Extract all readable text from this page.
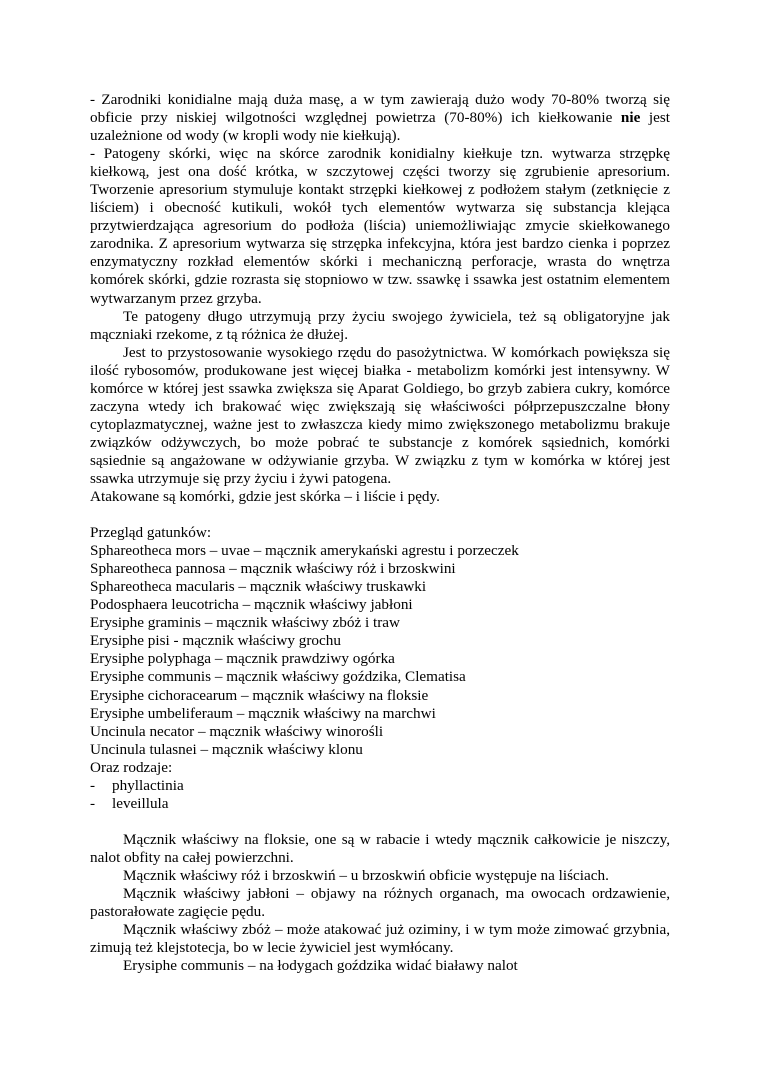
- Zarodniki konidialne mają duża masę, a w tym zawierają dużo wody 70-80% tworzą się obficie przy niskiej wilgotności względnej powietrza (70-80%) ich kiełkowanie nie jest uzależnione od wody (w kropli wody nie kiełkują).

- Patogeny skórki, więc na skórce zarodnik konidialny kiełkuje tzn. wytwarza strzępkę kiełkową, jest ona dość krótka, w szczytowej części tworzy się zgrubienie apresorium. Tworzenie apresorium stymuluje kontakt strzępki kiełkowej z podłożem stałym (zetknięcie z liściem) i obecność kutikuli, wokół tych elementów wytwarza się substancja klejąca przytwierdzająca agresorium do podłoża (liścia) uniemożliwiając zmycie skiełkowanego zarodnika. Z apresorium wytwarza się strzępka infekcyjna, która jest bardzo cienka i poprzez enzymatyczny rozkład elementów skórki i mechaniczną perforacje, wrasta do wnętrza komórek skórki, gdzie rozrasta się stopniowo w tzw. ssawkę i ssawka jest ostatnim elementem wytwarzanym przez grzyba.

Te patogeny długo utrzymują przy życiu swojego żywiciela, też są obligatoryjne jak mączniaki rzekome, z tą różnica że dłużej.

Jest to przystosowanie wysokiego rzędu do pasożytnictwa. W komórkach powiększa się ilość rybosomów, produkowane jest więcej białka - metabolizm komórki jest intensywny. W komórce w której jest ssawka zwiększa się Aparat Goldiego, bo grzyb zabiera cukry, komórce zaczyna wtedy ich brakować więc zwiększają się właściwości półprzepuszczalne błony cytoplazmatycznej, ważne jest to zwłaszcza kiedy mimo zwiększonego metabolizmu brakuje związków odżywczych, bo może pobrać te substancje z komórek sąsiednich, komórki sąsiednie są angażowane w odżywianie grzyba. W związku z tym w komórka w której jest ssawka utrzymuje się przy życiu i żywi patogena.

Atakowane są komórki, gdzie jest skórka – i liście i pędy.

Przegląd gatunków:

Sphareotheca mors – uvae – mącznik amerykański agrestu i porzeczek
Sphareotheca pannosa – mącznik właściwy róż i brzoskwini
Sphareotheca macularis – mącznik właściwy truskawki
Podosphaera leucotricha – mącznik właściwy jabłoni
Erysiphe graminis – mącznik właściwy zbóż i traw
Erysiphe pisi - mącznik właściwy grochu
Erysiphe polyphaga – mącznik prawdziwy ogórka
Erysiphe communis – mącznik właściwy goździka, Clematisa
Erysiphe cichoracearum – mącznik właściwy na floksie
Erysiphe umbeliferaum – mącznik właściwy na marchwi
Uncinula necator – mącznik właściwy winorośli
Uncinula tulasnei – mącznik właściwy klonu

Oraz rodzaje:

- phyllactinia
- leveillula

Mącznik właściwy na floksie, one są w rabacie i wtedy mącznik całkowicie je niszczy, nalot obfity na całej powierzchni.

Mącznik właściwy róż i brzoskwiń – u brzoskwiń obficie występuje na liściach.

Mącznik właściwy jabłoni – objawy na różnych organach, ma owocach ordzawienie, pastorałowate zagięcie pędu.

Mącznik właściwy zbóż – może atakować już oziminy, i w tym może zimować grzybnia, zimują też klejstotecja, bo w lecie żywiciel jest wymłócany.

Erysiphe communis – na łodygach goździka widać białawy nalot
